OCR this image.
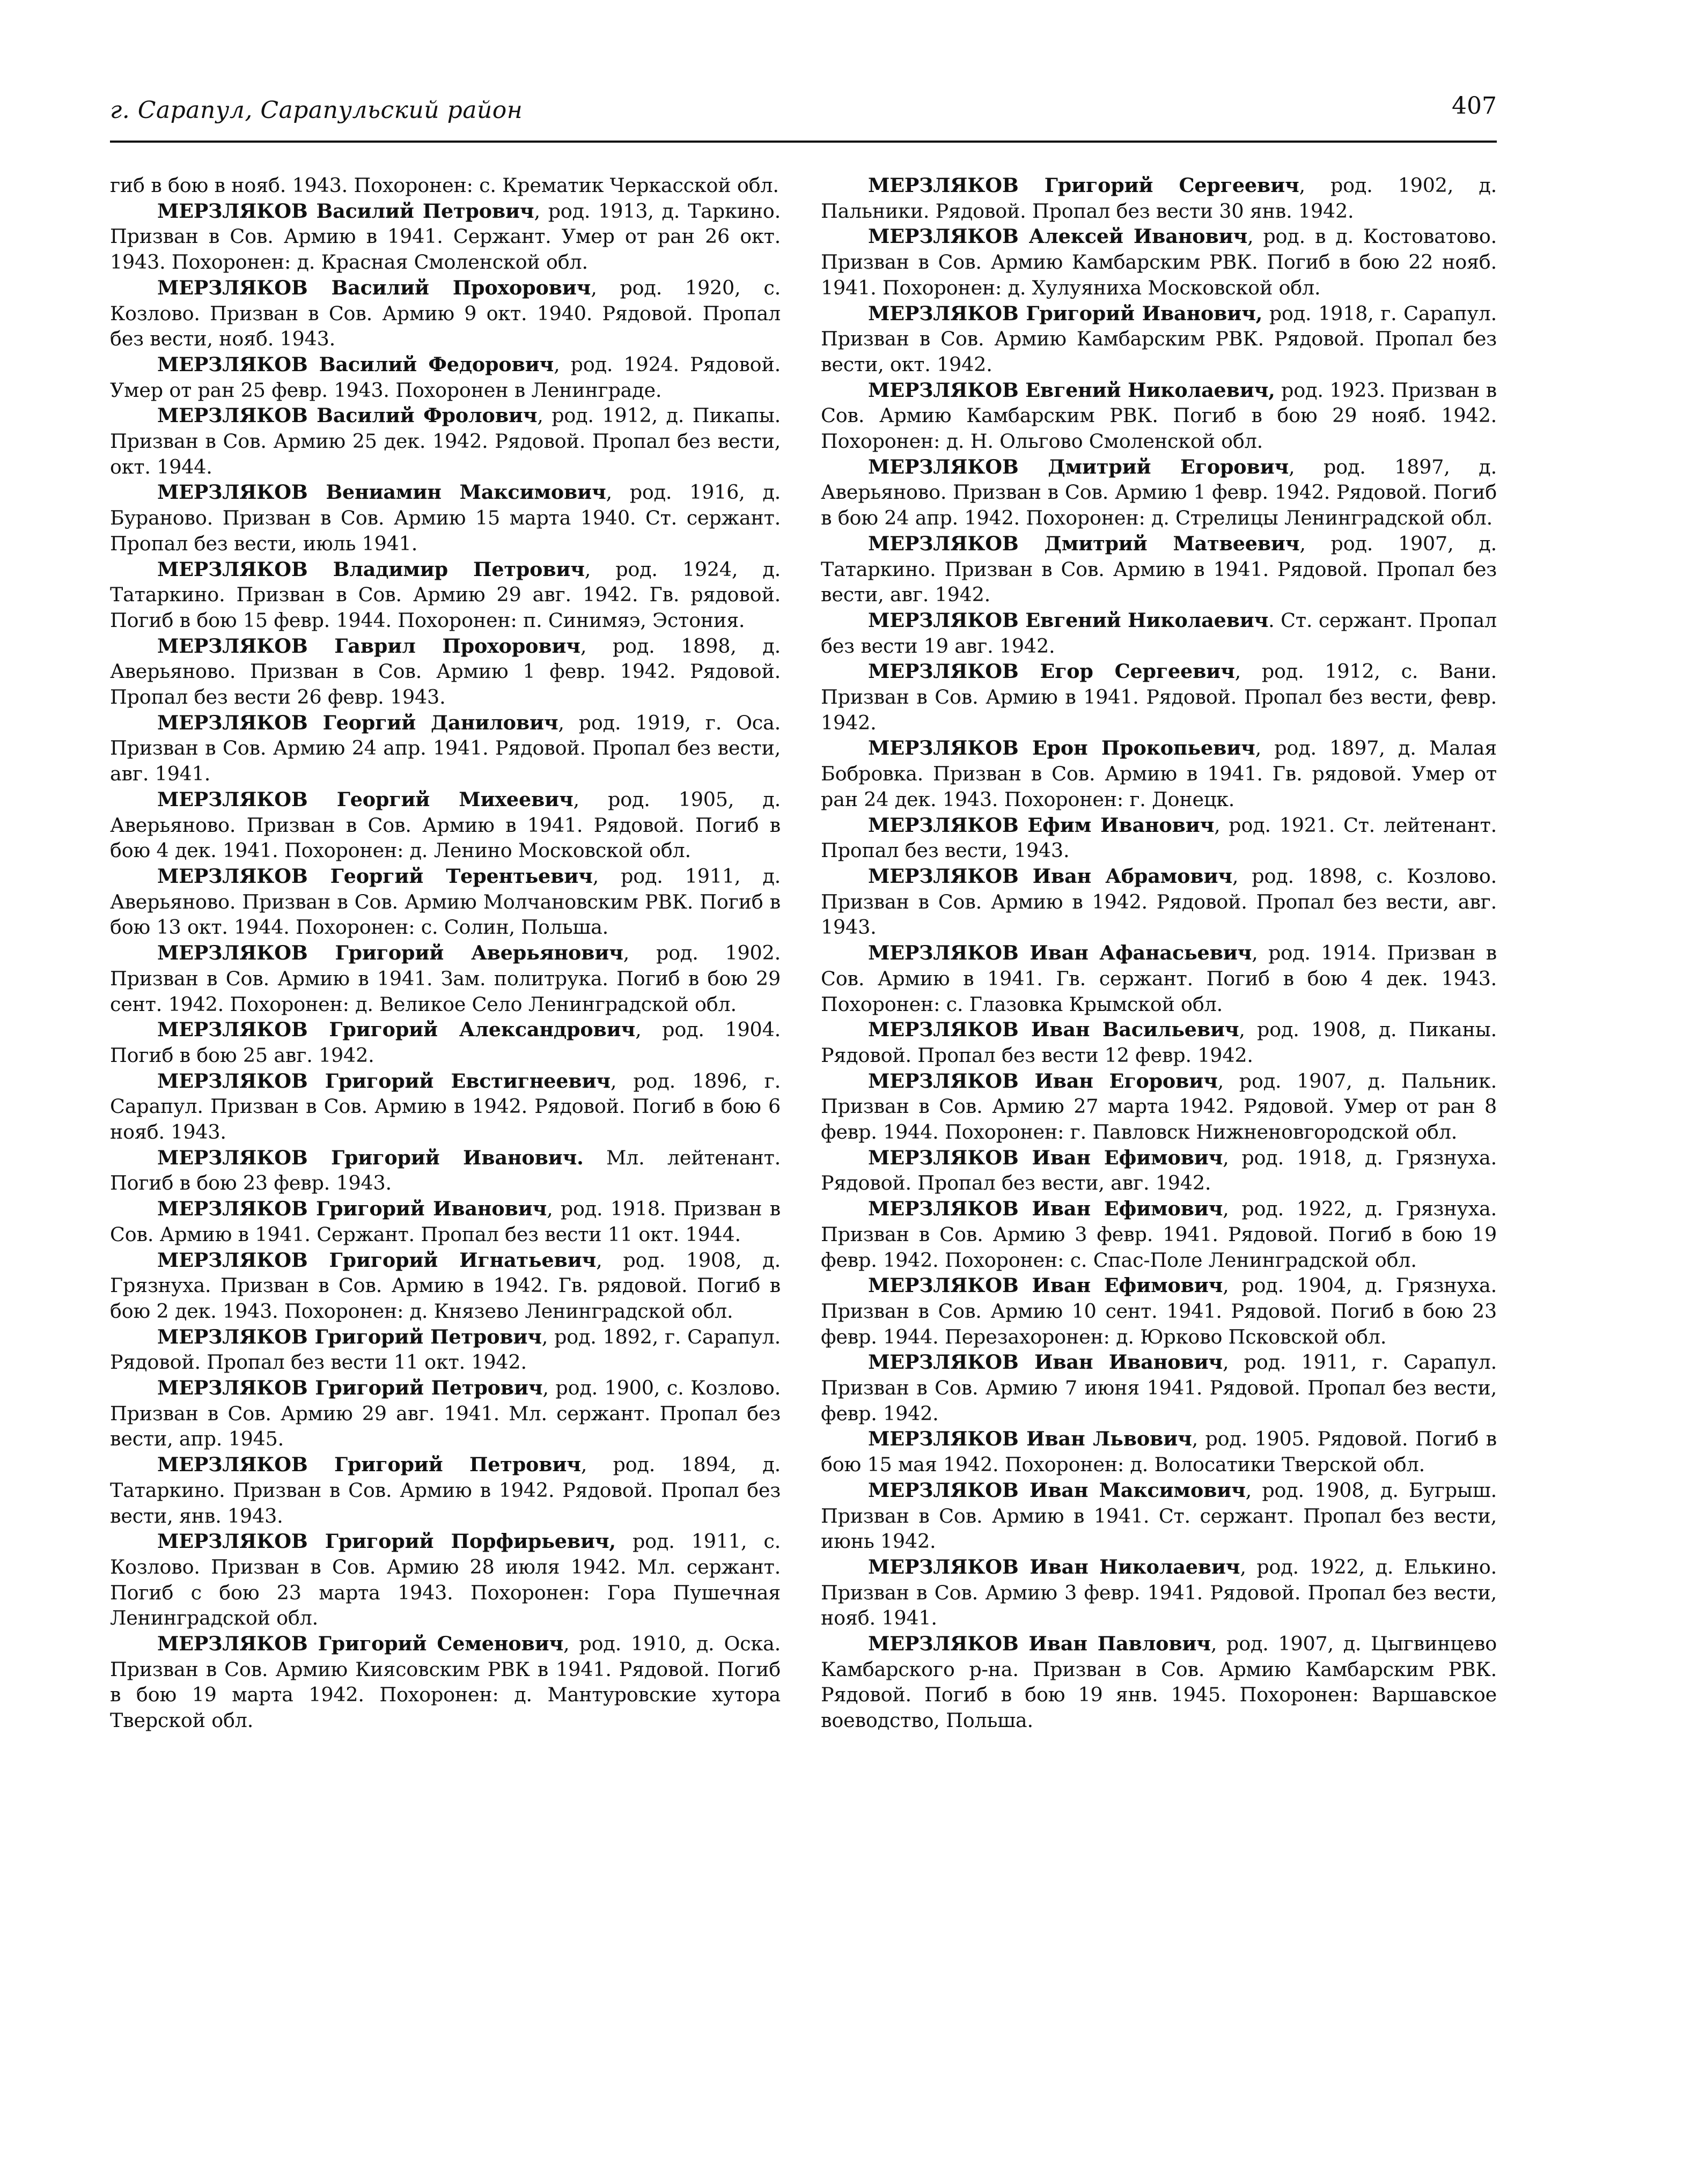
г. Сарапул, Сарапульский район	407

гиб в бою в нояб. 1943. Похоронен: с. Крематик Черкасской обл.

МЕРЗЛЯКОВ Василий Петрович, род. 1913, д. Таркино. Призван в Сов. Армию в 1941. Сержант. Умер от ран 26 окт. 1943. Похоронен: д. Красная Смоленской обл.

МЕРЗЛЯКОВ Василий Прохорович, род. 1920, с. Козлово. Призван в Сов. Армию 9 окт. 1940. Рядовой. Пропал без вести, нояб. 1943.

МЕРЗЛЯКОВ Василий Федорович, род. 1924. Рядовой. Умер от ран 25 февр. 1943. Похоронен в Ленинграде.

МЕРЗЛЯКОВ Василий Фролович, род. 1912, д. Пикапы. Призван в Сов. Армию 25 дек. 1942. Рядовой. Пропал без вести, окт. 1944.

МЕРЗЛЯКОВ Вениамин Максимович, род. 1916, д. Бураново. Призван в Сов. Армию 15 марта 1940. Ст. сержант. Пропал без вести, июль 1941.

МЕРЗЛЯКОВ Владимир Петрович, род. 1924, д. Татаркино. Призван в Сов. Армию 29 авг. 1942. Гв. рядовой. Погиб в бою 15 февр. 1944. Похоронен: п. Синимяэ, Эстония.

МЕРЗЛЯКОВ Гаврил Прохорович, род. 1898, д. Аверьяново. Призван в Сов. Армию 1 февр. 1942. Рядовой. Пропал без вести 26 февр. 1943.

МЕРЗЛЯКОВ Георгий Данилович, род. 1919, г. Оса. Призван в Сов. Армию 24 апр. 1941. Рядовой. Пропал без вести, авг. 1941.

МЕРЗЛЯКОВ Георгий Михеевич, род. 1905, д. Аверьяново. Призван в Сов. Армию в 1941. Рядовой. Погиб в бою 4 дек. 1941. Похоронен: д. Ленино Московской обл.

МЕРЗЛЯКОВ Георгий Терентьевич, род. 1911, д. Аверьяново. Призван в Сов. Армию Молчановским РВК. Погиб в бою 13 окт. 1944. Похоронен: с. Солин, Польша.

МЕРЗЛЯКОВ Григорий Аверьянович, род. 1902. Призван в Сов. Армию в 1941. Зам. политрука. Погиб в бою 29 сент. 1942. Похоронен: д. Великое Село Ленинградской обл.

МЕРЗЛЯКОВ Григорий Александрович, род. 1904. Погиб в бою 25 авг. 1942.

МЕРЗЛЯКОВ Григорий Евстигнеевич, род. 1896, г. Сарапул. Призван в Сов. Армию в 1942. Рядовой. Погиб в бою 6 нояб. 1943.

МЕРЗЛЯКОВ Григорий Иванович. Мл. лейтенант. Погиб в бою 23 февр. 1943.

МЕРЗЛЯКОВ Григорий Иванович, род. 1918. Призван в Сов. Армию в 1941. Сержант. Пропал без вести 11 окт. 1944.

МЕРЗЛЯКОВ Григорий Игнатьевич, род. 1908, д. Грязнуха. Призван в Сов. Армию в 1942. Гв. рядовой. Погиб в бою 2 дек. 1943. Похоронен: д. Князево Ленинградской обл.

МЕРЗЛЯКОВ Григорий Петрович, род. 1892, г. Сарапул. Рядовой. Пропал без вести 11 окт. 1942.

МЕРЗЛЯКОВ Григорий Петрович, род. 1900, с. Козлово. Призван в Сов. Армию 29 авг. 1941. Мл. сержант. Пропал без вести, апр. 1945.

МЕРЗЛЯКОВ Григорий Петрович, род. 1894, д. Татаркино. Призван в Сов. Армию в 1942. Рядовой. Пропал без вести, янв. 1943.

МЕРЗЛЯКОВ Григорий Порфирьевич, род. 1911, с. Козлово. Призван в Сов. Армию 28 июля 1942. Мл. сержант. Погиб с бою 23 марта 1943. Похоронен: Гора Пушечная Ленинградской обл.

МЕРЗЛЯКОВ Григорий Семенович, род. 1910, д. Оска. Призван в Сов. Армию Киясовским РВК в 1941. Рядовой. Погиб в бою 19 марта 1942. Похоронен: д. Мантуровские хутора Тверской обл.

МЕРЗЛЯКОВ Григорий Сергеевич, род. 1902, д. Пальники. Рядовой. Пропал без вести 30 янв. 1942.

МЕРЗЛЯКОВ Алексей Иванович, род. в д. Костоватово. Призван в Сов. Армию Камбарским РВК. Погиб в бою 22 нояб. 1941. Похоронен: д. Хулуяниха Московской обл.

МЕРЗЛЯКОВ Григорий Иванович, род. 1918, г. Сарапул. Призван в Сов. Армию Камбарским РВК. Рядовой. Пропал без вести, окт. 1942.

МЕРЗЛЯКОВ Евгений Николаевич, род. 1923. Призван в Сов. Армию Камбарским РВК. Погиб в бою 29 нояб. 1942. Похоронен: д. Н. Ольгово Смоленской обл.

МЕРЗЛЯКОВ Дмитрий Егорович, род. 1897, д. Аверьяново. Призван в Сов. Армию 1 февр. 1942. Рядовой. Погиб в бою 24 апр. 1942. Похоронен: д. Стрелицы Ленинградской обл.

МЕРЗЛЯКОВ Дмитрий Матвеевич, род. 1907, д. Татаркино. Призван в Сов. Армию в 1941. Рядовой. Пропал без вести, авг. 1942.

МЕРЗЛЯКОВ Евгений Николаевич. Ст. сержант. Пропал без вести 19 авг. 1942.

МЕРЗЛЯКОВ Егор Сергеевич, род. 1912, с. Вани. Призван в Сов. Армию в 1941. Рядовой. Пропал без вести, февр. 1942.

МЕРЗЛЯКОВ Ерон Прокопьевич, род. 1897, д. Малая Бобровка. Призван в Сов. Армию в 1941. Гв. рядовой. Умер от ран 24 дек. 1943. Похоронен: г. Донецк.

МЕРЗЛЯКОВ Ефим Иванович, род. 1921. Ст. лейтенант. Пропал без вести, 1943.

МЕРЗЛЯКОВ Иван Абрамович, род. 1898, с. Козлово. Призван в Сов. Армию в 1942. Рядовой. Пропал без вести, авг. 1943.

МЕРЗЛЯКОВ Иван Афанасьевич, род. 1914. Призван в Сов. Армию в 1941. Гв. сержант. Погиб в бою 4 дек. 1943. Похоронен: с. Глазовка Крымской обл.

МЕРЗЛЯКОВ Иван Васильевич, род. 1908, д. Пиканы. Рядовой. Пропал без вести 12 февр. 1942.

МЕРЗЛЯКОВ Иван Егорович, род. 1907, д. Пальник. Призван в Сов. Армию 27 марта 1942. Рядовой. Умер от ран 8 февр. 1944. Похоронен: г. Павловск Нижненовгородской обл.

МЕРЗЛЯКОВ Иван Ефимович, род. 1918, д. Грязнуха. Рядовой. Пропал без вести, авг. 1942.

МЕРЗЛЯКОВ Иван Ефимович, род. 1922, д. Грязнуха. Призван в Сов. Армию 3 февр. 1941. Рядовой. Погиб в бою 19 февр. 1942. Похоронен: с. Спас-Поле Ленинградской обл.

МЕРЗЛЯКОВ Иван Ефимович, род. 1904, д. Грязнуха. Призван в Сов. Армию 10 сент. 1941. Рядовой. Погиб в бою 23 февр. 1944. Перезахоронен: д. Юрково Псковской обл.

МЕРЗЛЯКОВ Иван Иванович, род. 1911, г. Сарапул. Призван в Сов. Армию 7 июня 1941. Рядовой. Пропал без вести, февр. 1942.

МЕРЗЛЯКОВ Иван Львович, род. 1905. Рядовой. Погиб в бою 15 мая 1942. Похоронен: д. Волосатики Тверской обл.

МЕРЗЛЯКОВ Иван Максимович, род. 1908, д. Бугрыш. Призван в Сов. Армию в 1941. Ст. сержант. Пропал без вести, июнь 1942.

МЕРЗЛЯКОВ Иван Николаевич, род. 1922, д. Елькино. Призван в Сов. Армию 3 февр. 1941. Рядовой. Пропал без вести, нояб. 1941.

МЕРЗЛЯКОВ Иван Павлович, род. 1907, д. Цыгвинцево Камбарского р-на. Призван в Сов. Армию Камбарским РВК. Рядовой. Погиб в бою 19 янв. 1945. Похоронен: Варшавское воеводство, Польша.
